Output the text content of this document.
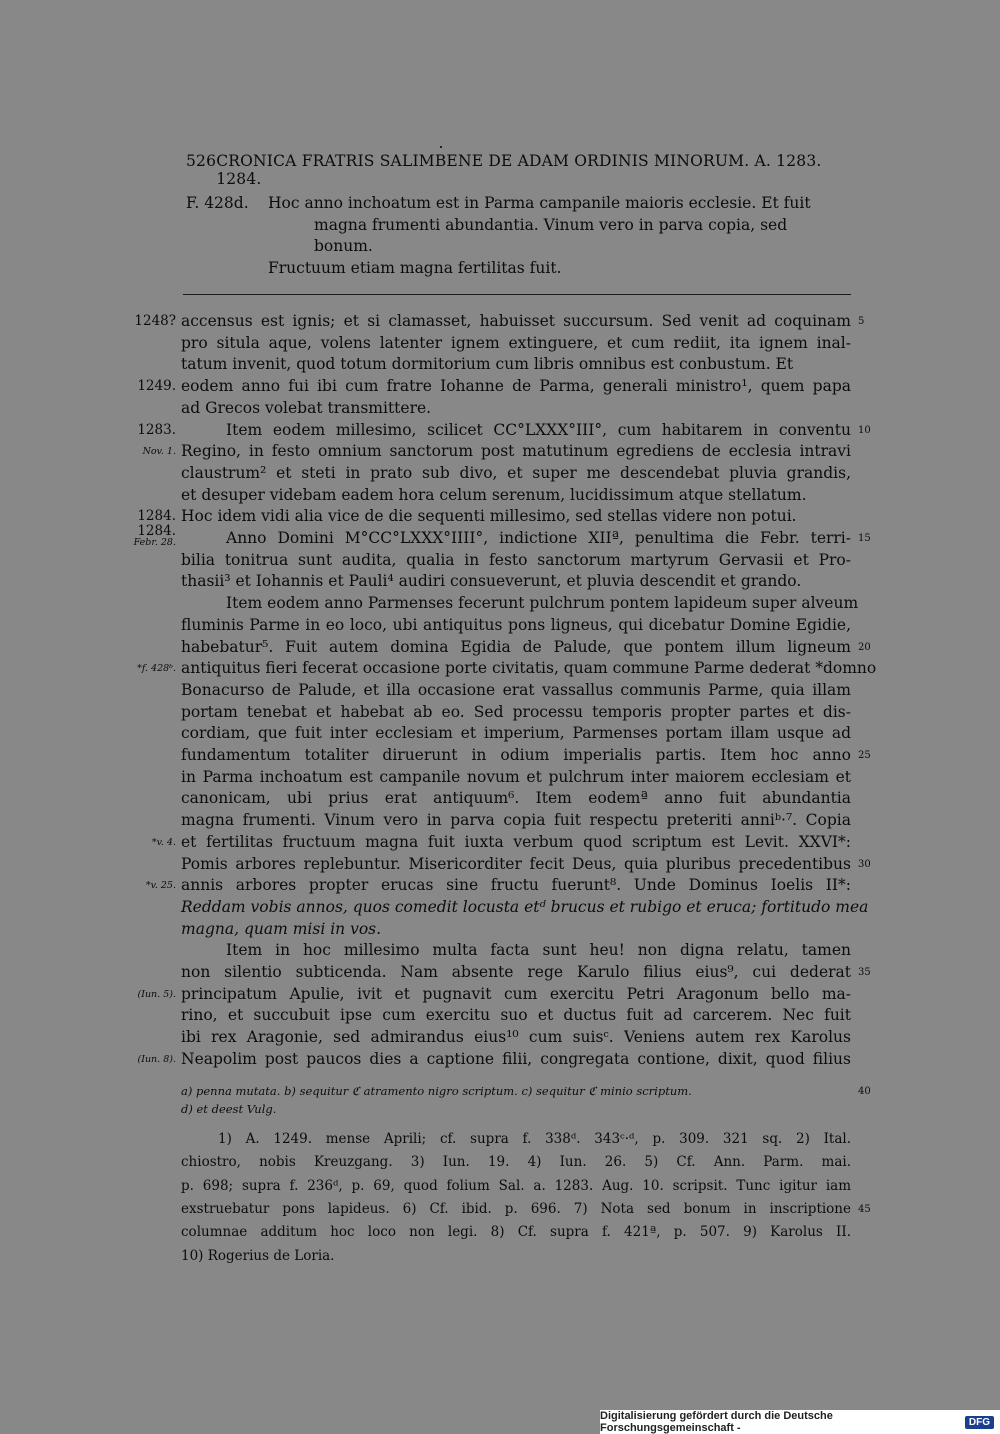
526 CRONICA FRATRIS SALIMBENE DE ADAM ORDINIS MINORUM. A. 1283. 1284.
F. 428d. Hoc anno inchoatum est in Parma campanile maioris ecclesie. Et fuit
magna frumenti abundantia. Vinum vero in parva copia, sed
bonum.
Fructuum etiam magna fertilitas fuit.
accensus est ignis; et si clamasset, habuisset succursum. Sed venit ad coquinam
1248?	5
pro situla aque, volens latenter ignem extinguere, et cum rediit, ita ignem inal-
tatum invenit, quod totum dormitorium cum libris omnibus est conbustum. Et
eodem anno fui ibi cum fratre Iohanne de Parma, generali ministro¹, quem papa
1249.
ad Grecos volebat transmittere.
Item eodem millesimo, scilicet CC°LXXX°III°, cum habitarem in conventu
1283.	10
Regino, in festo omnium sanctorum post matutinum egrediens de ecclesia intravi
Nov. 1.
claustrum² et steti in prato sub divo, et super me descendebat pluvia grandis,
et desuper videbam eadem hora celum serenum, lucidissimum atque stellatum.
Hoc idem vidi alia vice de die sequenti millesimo, sed stellas videre non potui.
1284.
Anno Domini M°CC°LXXX°IIII°, indictione XIIª, penultima die Febr. terri-
1284.
Febr. 28.	15
bilia tonitrua sunt audita, qualia in festo sanctorum martyrum Gervasii et Pro-
thasii³ et Iohannis et Pauli⁴ audiri consueverunt, et pluvia descendit et grando.
Item eodem anno Parmenses fecerunt pulchrum pontem lapideum super alveum
fluminis Parme in eo loco, ubi antiquitus pons ligneus, qui dicebatur Domine Egidie,
habebatur⁵. Fuit autem domina Egidia de Palude, que pontem illum ligneum 20
antiquitus fieri fecerat occasione porte civitatis, quam commune Parme dederat *domno
*f. 428ᵇ.
Bonacurso de Palude, et illa occasione erat vassallus communis Parme, quia illam
portam tenebat et habebat ab eo. Sed processu temporis propter partes et dis-
cordiam, que fuit inter ecclesiam et imperium, Parmenses portam illam usque ad
fundamentum totaliter diruerunt in odium imperialis partis. Item hoc anno 25
in Parma inchoatum est campanile novum et pulchrum inter maiorem ecclesiam et
canonicam, ubi prius erat antiquum⁶. Item eodemª anno fuit abundantia
magna frumenti. Vinum vero in parva copia fuit respectu preteriti anniᵇ·⁷. Copia
et fertilitas fructuum magna fuit iuxta verbum quod scriptum est Levit. XXVI*:
*v. 4.
Pomis arbores replebuntur. Misericorditer fecit Deus, quia pluribus precedentibus 30
annis arbores propter erucas sine fructu fuerunt⁸. Unde Dominus Ioelis II*:
*v. 25.
Reddam vobis annos, quos comedit locusta etᵈ brucus et rubigo et eruca; fortitudo mea
magna, quam misi in vos.
Item in hoc millesimo multa facta sunt heu! non digna relatu, tamen
non silentio subticenda. Nam absente rege Karulo filius eius⁹, cui dederat 35
principatum Apulie, ivit et pugnavit cum exercitu Petri Aragonum bello ma-
(Iun. 5).
rino, et succubuit ipse cum exercitu suo et ductus fuit ad carcerem. Nec fuit
ibi rex Aragonie, sed admirandus eius¹⁰ cum suisᶜ. Veniens autem rex Karolus
Neapolim post paucos dies a captione filii, congregata contione, dixit, quod filius
(Iun. 8).
a) penna mutata. b) sequitur ℭ atramento nigro scriptum. c) sequitur ℭ minio scriptum.	40
d) et deest Vulg.
1) A. 1249. mense Aprili; cf. supra f. 338ᵈ. 343ᶜ·ᵈ, p. 309. 321 sq. 2) Ital.
chiostro, nobis Kreuzgang. 3) Iun. 19. 4) Iun. 26. 5) Cf. Ann. Parm. mai.
p. 698; supra f. 236ᵈ, p. 69, quod folium Sal. a. 1283. Aug. 10. scripsit. Tunc igitur iam
exstruebatur pons lapideus. 6) Cf. ibid. p. 696. 7) Nota sed bonum in inscriptione 45
columnae additum hoc loco non legi. 8) Cf. supra f. 421ª, p. 507. 9) Karolus II.
10) Rogerius de Loria.
Digitalisierung gefördert durch die Deutsche Forschungsgemeinschaft -	DFG
